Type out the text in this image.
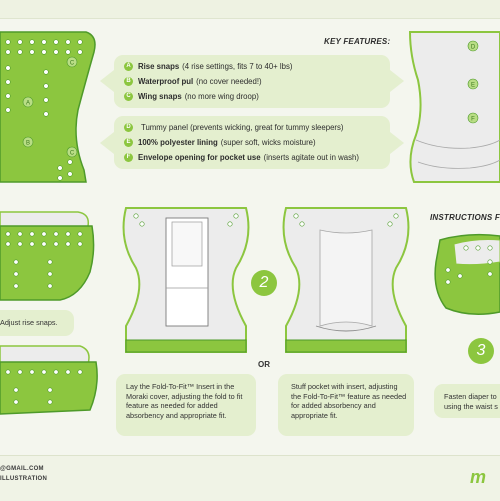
KEY FEATURES:
A Rise snaps (4 rise settings, fits 7 to 40+ lbs)
B Waterproof pul (no cover needed!)
C Wing snaps (no more wing droop)
D Tummy panel (prevents wicking, great for tummy sleepers)
E 100% polyester lining (super soft, wicks moisture)
F Envelope opening for pocket use (inserts agitate out in wash)
C
A
B
C
D
E
F
INSTRUCTIONS F
Adjust rise snaps.
2
OR
Lay the Fold-To-Fit™ Insert in the Moraki cover, adjusting the fold to fit feature as needed for added absorbency and appropriate fit.
Stuff pocket with insert, adjusting the Fold-To-Fit™ feature as needed for added absorbency and appropriate fit.
3
Fasten diaper to using the waist s
@GMAIL.COM
ILLUSTRATION	m
